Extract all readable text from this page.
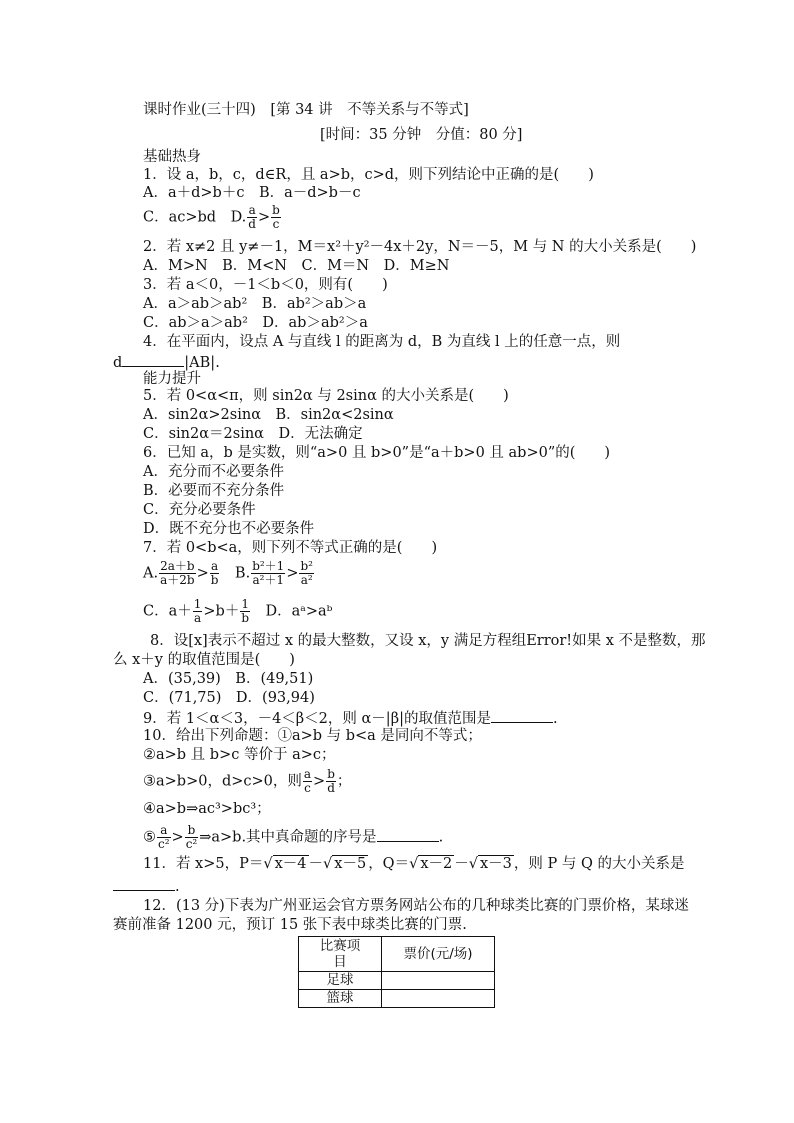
课时作业(三十四)　[第 34 讲　不等关系与不等式]
[时间：35 分钟　分值：80 分]
基础热身
1．设 a，b，c，d∈R，且 a>b，c>d，则下列结论中正确的是(　　)
A．a＋d>b＋c　B．a－d>b－c
C．ac>bd　D. $\frac{a}{d} > \frac{b}{c}$
2．若 x≠2 且 y≠－1，M＝x²＋y²－4x＋2y，N＝－5，M 与 N 的大小关系是(　　)
A．M>N　B．M<N　C．M＝N　D．M≥N
3．若 a＜0，－1＜b＜0，则有(　　)
A．a＞ab＞ab²　B．ab²＞ab＞a
C．ab＞a＞ab²　D．ab＞ab²＞a
4．在平面内，设点 A 与直线 l 的距离为 d，B 为直线 l 上的任意一点，则
d	|AB|.
能力提升
5．若 0<α<π，则 sin2α 与 2sinα 的大小关系是(　　)
A．sin2α>2sinα　B．sin2α<2sinα
C．sin2α＝2sinα　D．无法确定
6．已知 a，b 是实数，则“a>0 且 b>0”是“a＋b>0 且 ab>0”的(　　)
A．充分而不必要条件
B．必要而不充分条件
C．充分必要条件
D．既不充分也不必要条件
7．若 0<b<a，则下列不等式正确的是(　　)
A. $\frac{2a+b}{a+2b} > \frac{a}{b}$ 　B. $\frac{\text{b²＋1}}{\text{a²＋1}} > \frac{\text{b²}}{\text{a²}}$
C．$a+ \frac{1}{a} >b+ \frac{1}{b}$ 　D．aᵃ>aᵇ
8．设[x]表示不超过 x 的最大整数，又设 x，y 满足方程组Error!如果 x 不是整数，那
么 x＋y 的取值范围是(　　)
A．(35,39)　B．(49,51)
C．(71,75)　D．(93,94)
9．若 1＜α＜3，－4＜β＜2，则 α－|β|的取值范围是	.
10．给出下列命题：①a>b 与 b<a 是同向不等式；
②a>b 且 b>c 等价于 a>c；
③a>b>0，d>c>0，则 $\frac{a}{c} > \frac{b}{d}$ ；
④a>b⇒ac³>bc³；
⑤ $\frac{a}{\text{c²}} > \frac{b}{\text{c²}}$ ⇒a>b.其中真命题的序号是	.
11．若 x>5，P＝√ x－4 －√ x－5 ，Q＝√ x－2 －√ x－3 ，则 P 与 Q 的大小关系是
.
12．(13 分)下表为广州亚运会官方票务网站公布的几种球类比赛的门票价格，某球迷
赛前准备 1200 元，预订 15 张下表中球类比赛的门票.
比赛项
目	票价(元/场)
足球	
篮球	
